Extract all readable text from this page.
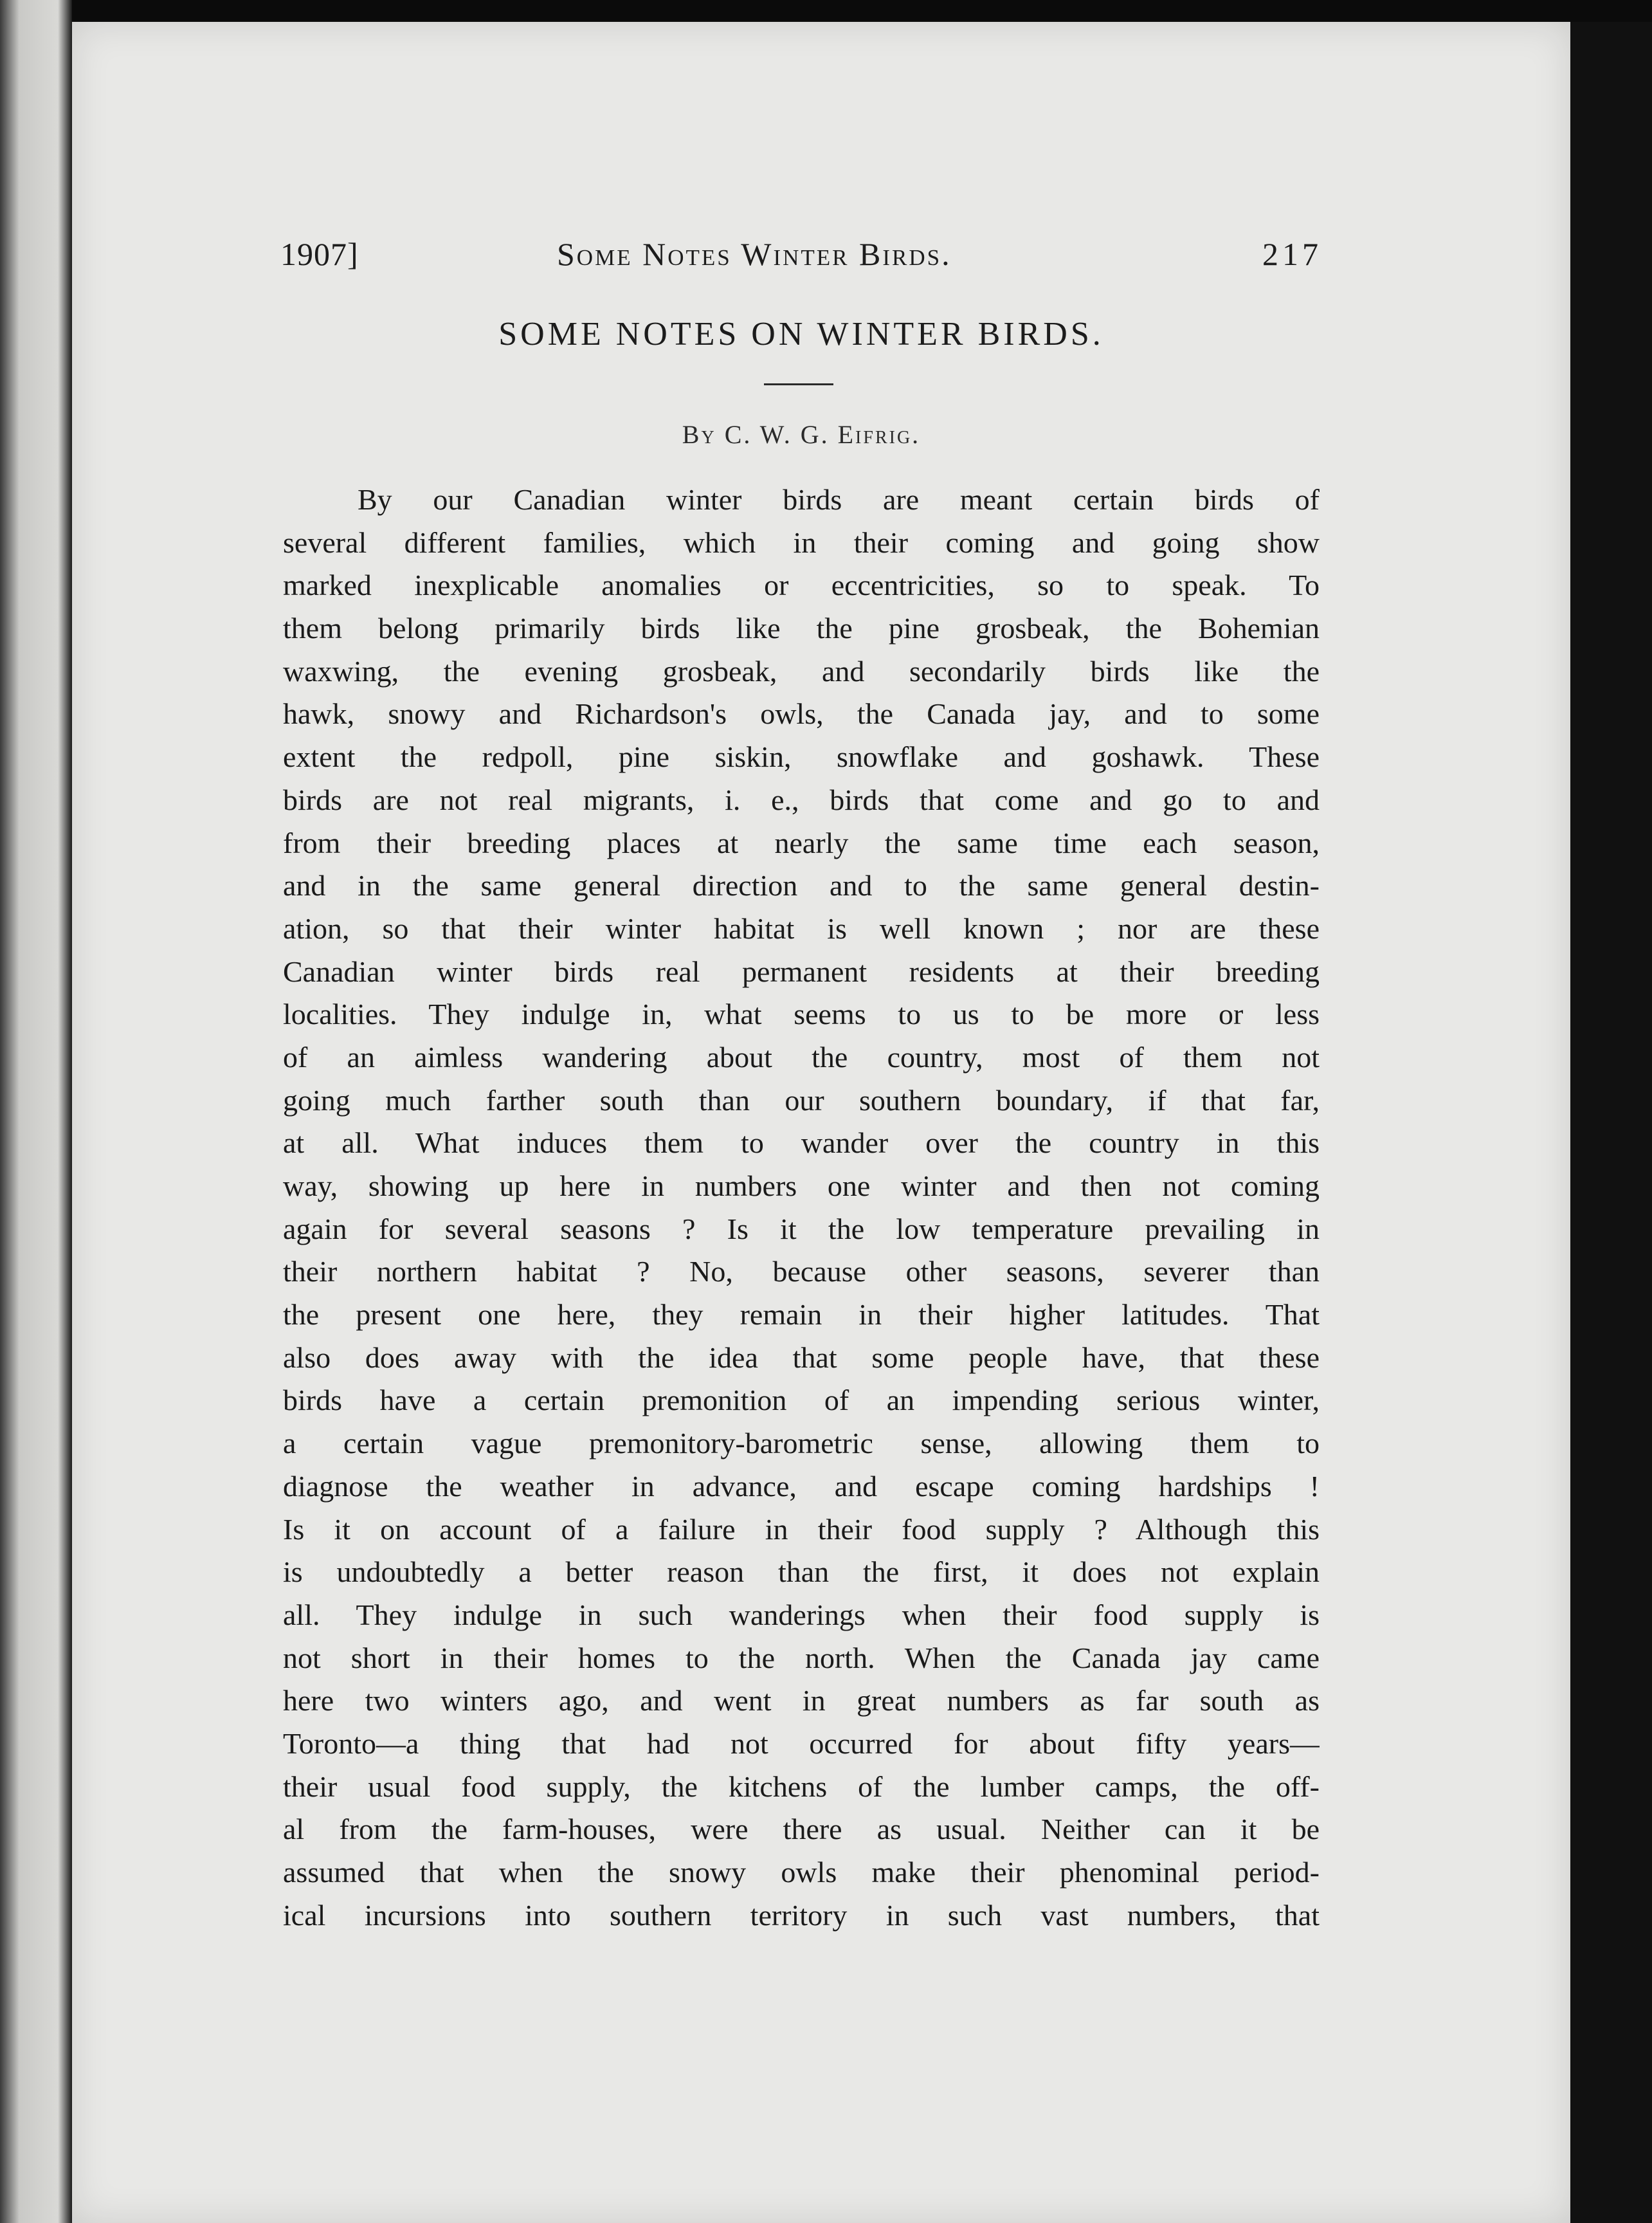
1907]	Some Notes Winter Birds.	217
SOME NOTES ON WINTER BIRDS.
By C. W. G. Eifrig.
By our Canadian winter birds are meant certain birds of
several different families, which in their coming and going show
marked inexplicable anomalies or eccentricities, so to speak. To
them belong primarily birds like the pine grosbeak, the Bohemian
waxwing, the evening grosbeak, and secondarily birds like the
hawk, snowy and Richardson's owls, the Canada jay, and to some
extent the redpoll, pine siskin, snowflake and goshawk. These
birds are not real migrants, i. e., birds that come and go to and
from their breeding places at nearly the same time each season,
and in the same general direction and to the same general destin-
ation, so that their winter habitat is well known ; nor are these
Canadian winter birds real permanent residents at their breeding
localities. They indulge in, what seems to us to be more or less
of an aimless wandering about the country, most of them not
going much farther south than our southern boundary, if that far,
at all. What induces them to wander over the country in this
way, showing up here in numbers one winter and then not coming
again for several seasons ? Is it the low temperature prevailing in
their northern habitat ? No, because other seasons, severer than
the present one here, they remain in their higher latitudes. That
also does away with the idea that some people have, that these
birds have a certain premonition of an impending serious winter,
a certain vague premonitory-barometric sense, allowing them to
diagnose the weather in advance, and escape coming hardships !
Is it on account of a failure in their food supply ? Although this
is undoubtedly a better reason than the first, it does not explain
all. They indulge in such wanderings when their food supply is
not short in their homes to the north. When the Canada jay came
here two winters ago, and went in great numbers as far south as
Toronto—a thing that had not occurred for about fifty years—
their usual food supply, the kitchens of the lumber camps, the off-
al from the farm-houses, were there as usual. Neither can it be
assumed that when the snowy owls make their phenominal period-
ical incursions into southern territory in such vast numbers, that
